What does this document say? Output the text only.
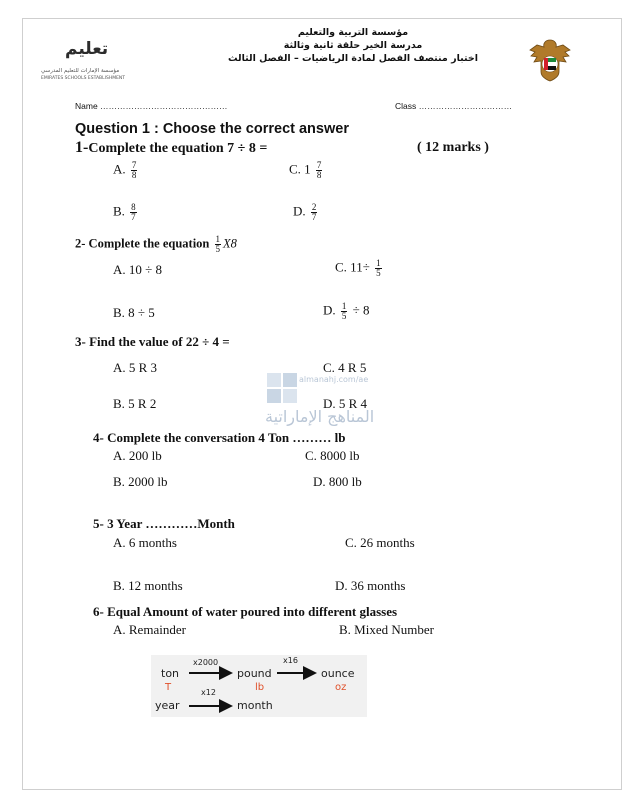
تعليم
مؤسسة الإمارات للتعليم المدرسي
EMIRATES SCHOOLS ESTABLISHMENT
مؤسسة التربية والتعليم
مدرسة الخير حلقة ثانية وثالثة
اختبار منتصف الفصل لمادة الرياضيات – الفصل الثالث
Name ………………………………………	Class ……………………………
Question 1 : Choose the correct answer
1-Complete the equation 7 ÷ 8 =	( 12 marks )
A. $\frac{7}{8}$	C. $1 \frac{7}{8}$
B. $\frac{8}{7}$	D. $\frac{2}{7}$
2- Complete the equation $\frac{1}{5} X8$
A. 10 ÷ 8	C. $11\div \frac{1}{5}$
B. 8 ÷ 5	D. $\frac{1}{5} \div 8$
3- Find the value of 22 ÷ 4 =
A. 5 R 3	C. 4 R 5
B. 5 R 2	D. 5 R 4
almanahj.com/ae
المناهج الإماراتية
4- Complete the conversation 4 Ton ……… lb
A. 200 lb	C. 8000 lb
B. 2000 lb	D. 800 lb
5- 3 Year …………Month
A. 6 months	C. 26 months
B. 12 months	D. 36 months
6- Equal Amount of water poured into different glasses
A. Remainder	B. Mixed Number
x2000	x16
ton	pound	ounce
T	lb	oz
x12
year	month
